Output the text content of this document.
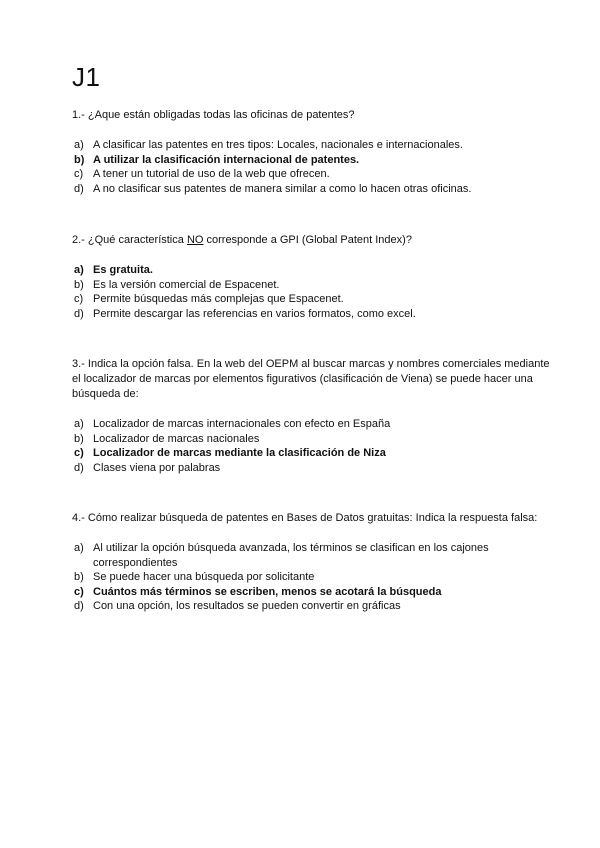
J1

1.- ¿Aque están obligadas todas las oficinas de patentes?

a) A clasificar las patentes en tres tipos: Locales, nacionales e internacionales.
b) A utilizar la clasificación internacional de patentes.
c) A tener un tutorial de uso de la web que ofrecen.
d) A no clasificar sus patentes de manera similar a como lo hacen otras oficinas.

2.- ¿Qué característica NO corresponde a GPI (Global Patent Index)?

a) Es gratuita.
b) Es la versión comercial de Espacenet.
c) Permite búsquedas más complejas que Espacenet.
d) Permite descargar las referencias en varios formatos, como excel.

3.- Indica la opción falsa. En la web del OEPM al buscar marcas y nombres comerciales mediante el localizador de marcas por elementos figurativos (clasificación de Viena) se puede hacer una búsqueda de:

a) Localizador de marcas internacionales con efecto en España
b) Localizador de marcas nacionales
c) Localizador de marcas mediante la clasificación de Niza
d) Clases viena por palabras

4.- Cómo realizar búsqueda de patentes en Bases de Datos gratuitas: Indica la respuesta falsa:

a) Al utilizar la opción búsqueda avanzada, los términos se clasifican en los cajones correspondientes
b) Se puede hacer una búsqueda por solicitante
c) Cuántos más términos se escriben, menos se acotará la búsqueda
d) Con una opción, los resultados se pueden convertir en gráficas
